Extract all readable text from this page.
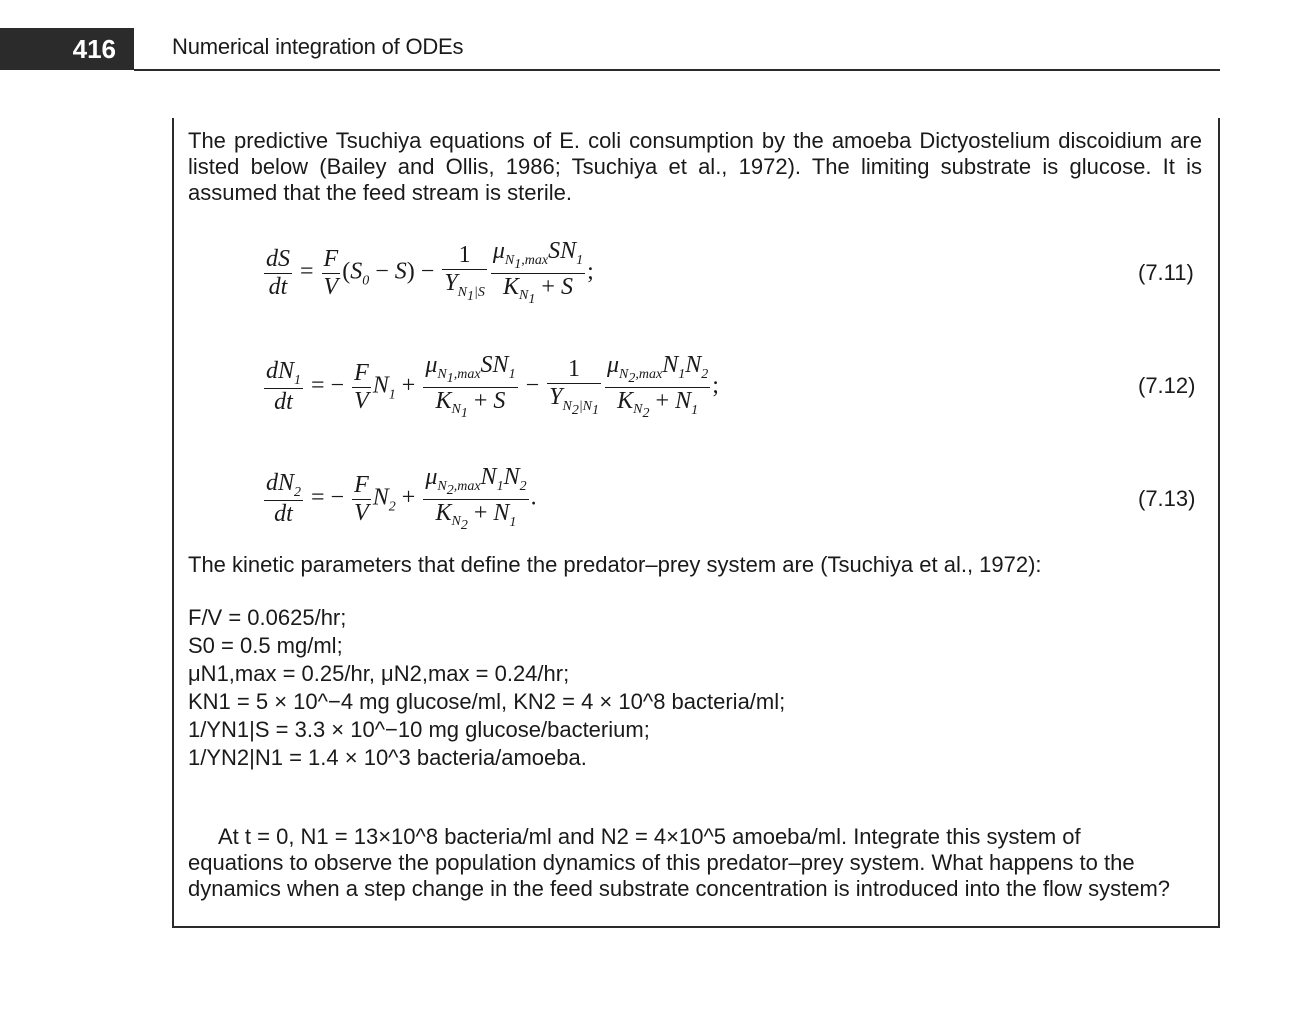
416	Numerical integration of ODEs
The predictive Tsuchiya equations of E. coli consumption by the amoeba Dictyostelium discoidium are listed below (Bailey and Ollis, 1986; Tsuchiya et al., 1972). The limiting substrate is glucose. It is assumed that the feed stream is sterile.
$\frac{dS}{dt} = \frac{F}{V} (S_0 - S) - \frac{1}{Y_{N_1|S}} \frac{\mu_{N_1,max}SN_1}{K_{N_1} + S}$ ;	(7.11)
$\frac{dN_1}{dt}$ = − $\frac{F}{V} N_1 + \frac{\mu_{N_1,max}SN_1}{K_{N_1} + S} - \frac{1}{Y_{N_2|N_1}} \frac{\mu_{N_2,max}N_1N_2}{K_{N_2} + N_1}$ ;	(7.12)
$\frac{dN_2}{dt}$ = − $\frac{F}{V} N_2 + \frac{\mu_{N_2,max}N_1N_2}{K_{N_2} + N_1}$ .	(7.13)
The kinetic parameters that define the predator–prey system are (Tsuchiya et al., 1972):
F/V = 0.0625/hr;
S0 = 0.5 mg/ml;
μN1,max = 0.25/hr, μN2,max = 0.24/hr;
KN1 = 5 × 10^−4 mg glucose/ml, KN2 = 4 × 10^8 bacteria/ml;
1/YN1|S = 3.3 × 10^−10 mg glucose/bacterium;
1/YN2|N1 = 1.4 × 10^3 bacteria/amoeba.
At t = 0, N1 = 13×10^8 bacteria/ml and N2 = 4×10^5 amoeba/ml. Integrate this system of
equations to observe the population dynamics of this predator–prey system. What happens to the
dynamics when a step change in the feed substrate concentration is introduced into the flow system?
